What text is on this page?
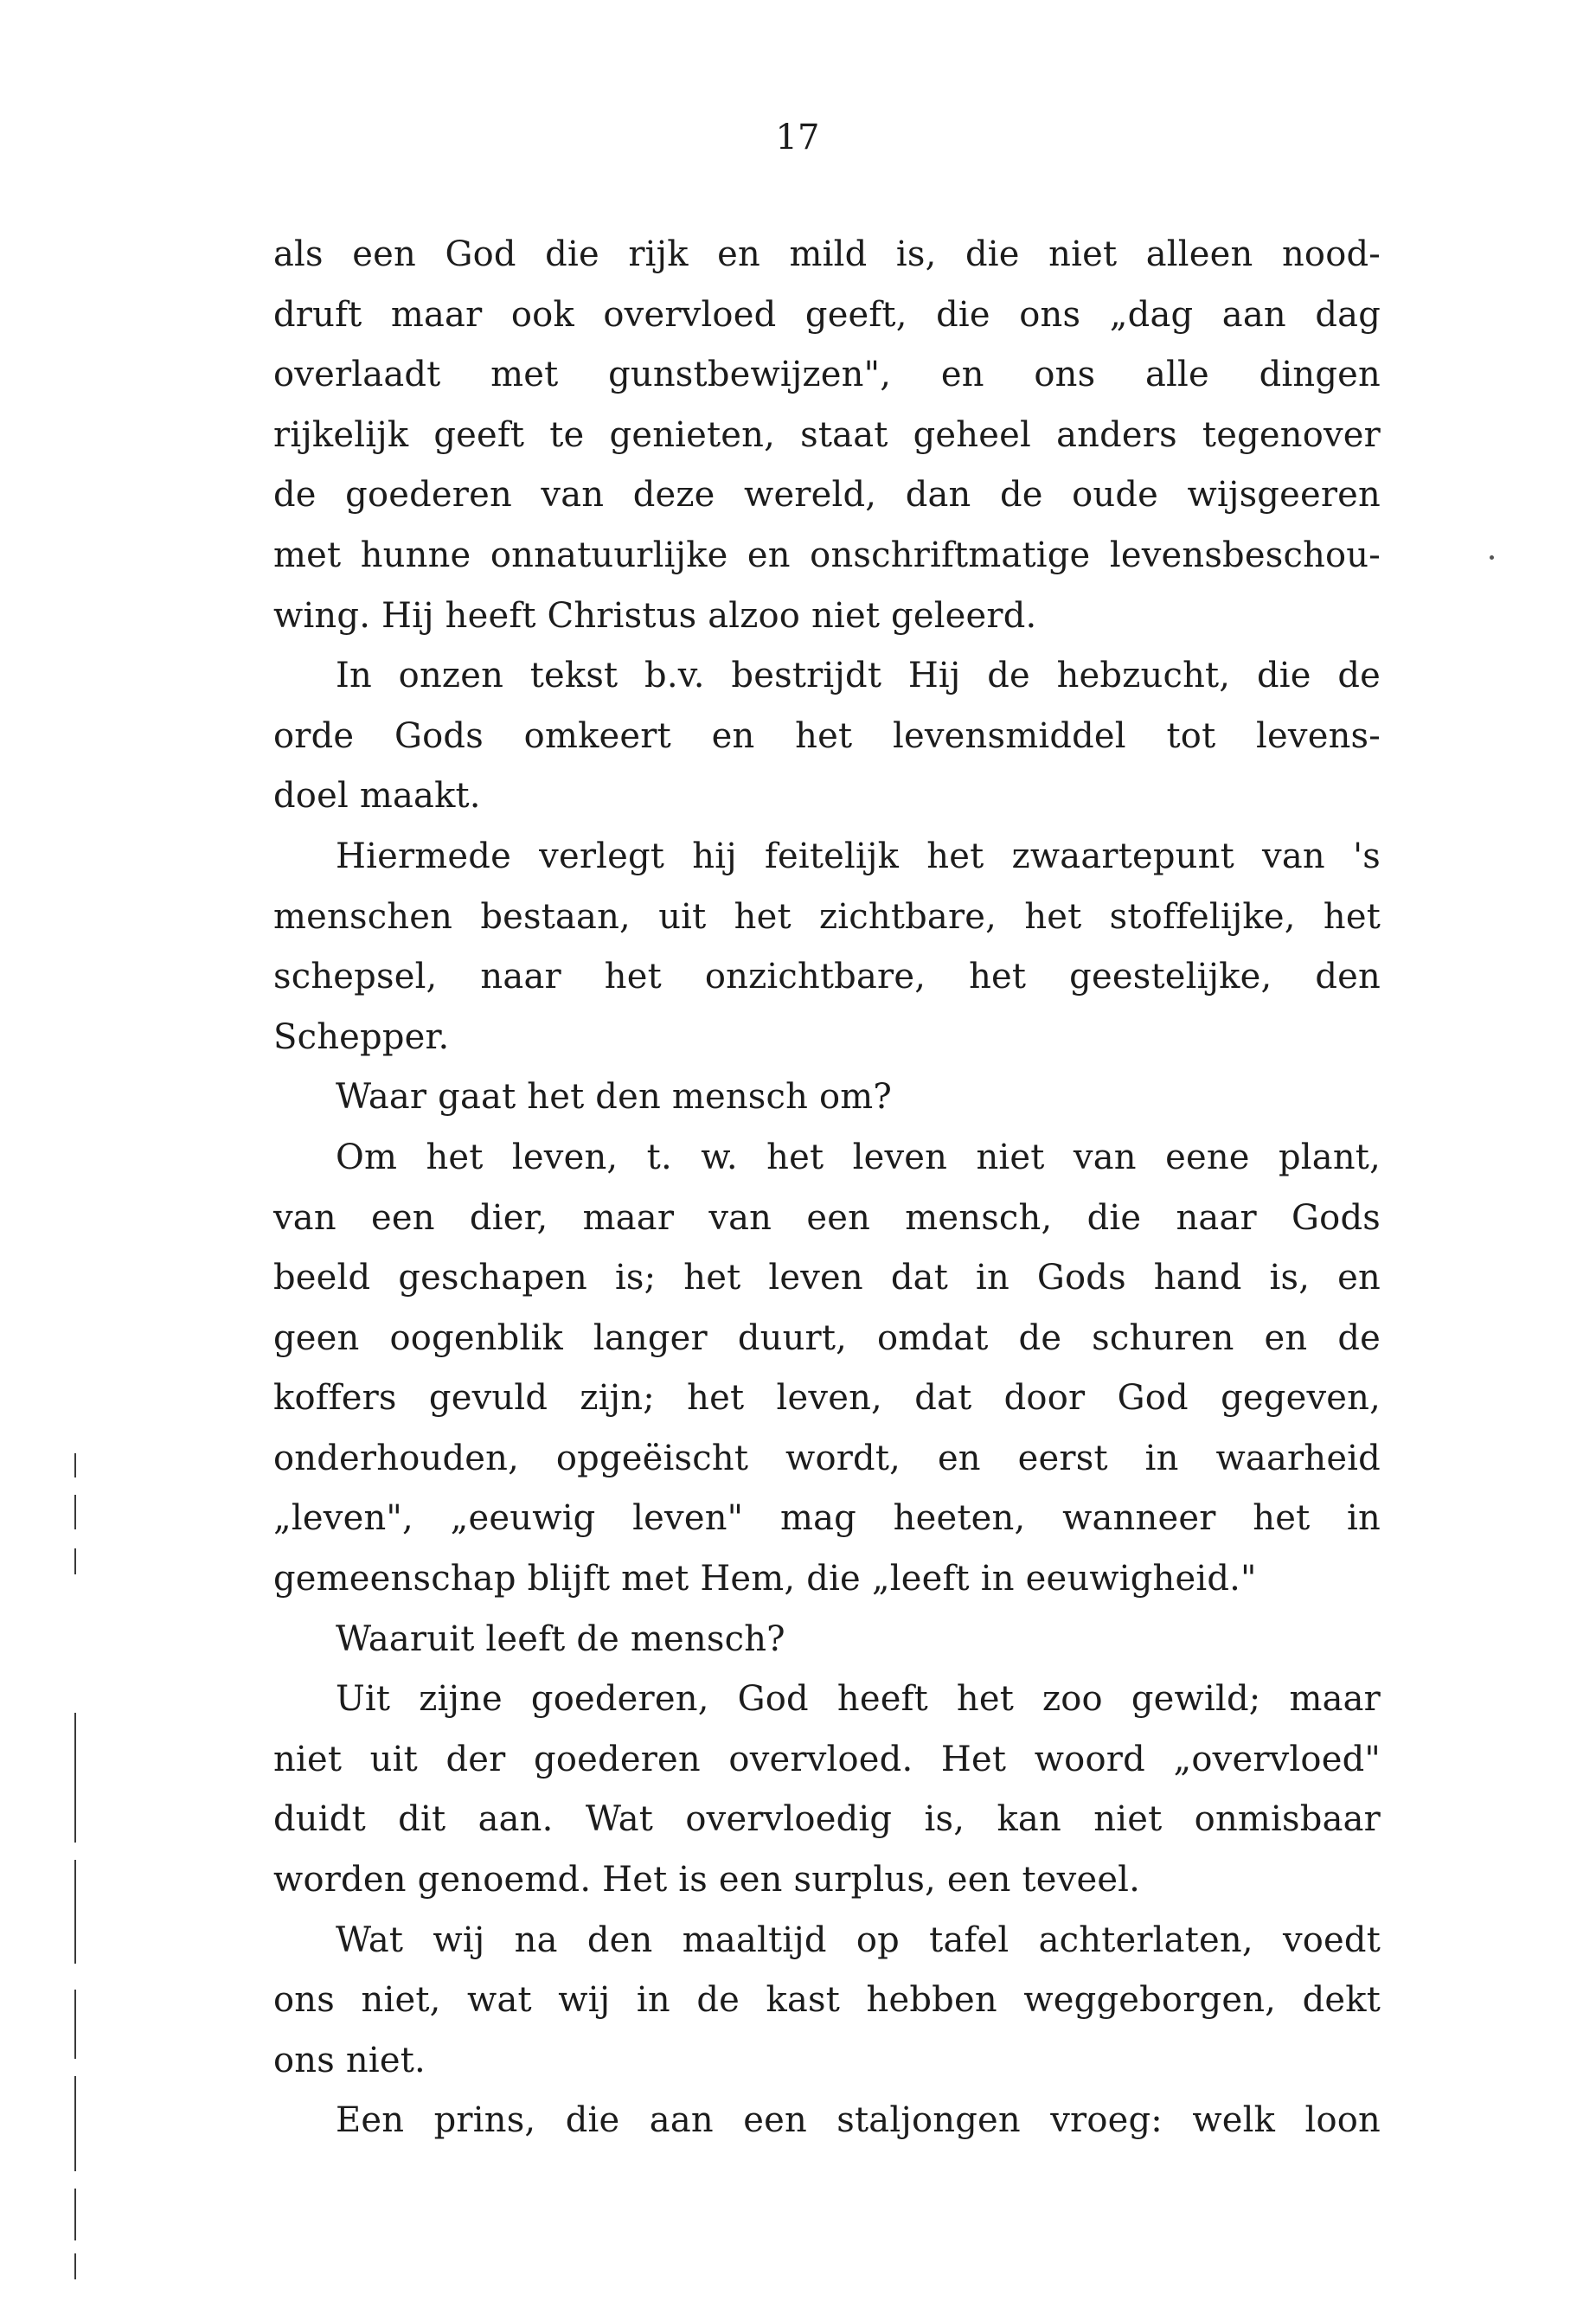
17
als een God die rijk en mild is, die niet alleen nood-
druft maar ook overvloed geeft, die ons „dag aan dag
overlaadt met gunstbewijzen", en ons alle dingen
rijkelijk geeft te genieten, staat geheel anders tegenover
de goederen van deze wereld, dan de oude wijsgeeren
met hunne onnatuurlijke en onschriftmatige levensbeschou-
wing. Hij heeft Christus alzoo niet geleerd.
In onzen tekst b.v. bestrijdt Hij de hebzucht, die de
orde Gods omkeert en het levensmiddel tot levens-
doel maakt.
Hiermede verlegt hij feitelijk het zwaartepunt van 's
menschen bestaan, uit het zichtbare, het stoffelijke, het
schepsel, naar het onzichtbare, het geestelijke, den
Schepper.
Waar gaat het den mensch om?
Om het leven, t. w. het leven niet van eene plant,
van een dier, maar van een mensch, die naar Gods
beeld geschapen is; het leven dat in Gods hand is, en
geen oogenblik langer duurt, omdat de schuren en de
koffers gevuld zijn; het leven, dat door God gegeven,
onderhouden, opgeëischt wordt, en eerst in waarheid
„leven", „eeuwig leven" mag heeten, wanneer het in
gemeenschap blijft met Hem, die „leeft in eeuwigheid."
Waaruit leeft de mensch?
Uit zijne goederen, God heeft het zoo gewild; maar
niet uit der goederen overvloed. Het woord „overvloed"
duidt dit aan. Wat overvloedig is, kan niet onmisbaar
worden genoemd. Het is een surplus, een teveel.
Wat wij na den maaltijd op tafel achterlaten, voedt
ons niet, wat wij in de kast hebben weggeborgen, dekt
ons niet.
Een prins, die aan een staljongen vroeg: welk loon
